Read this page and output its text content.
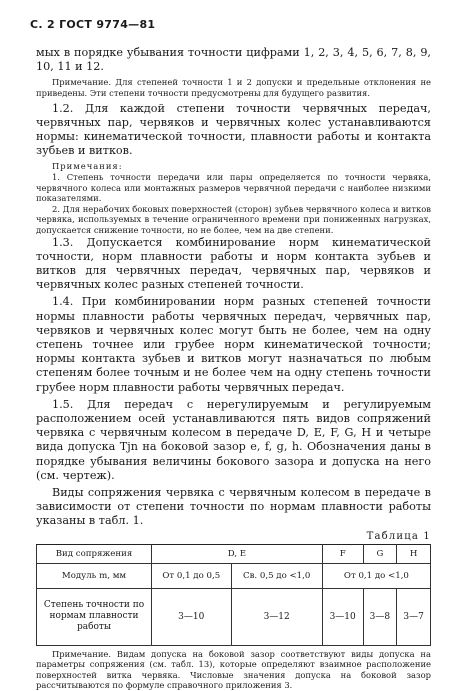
С. 2 ГОСТ 9774—81

мых в порядке убывания точности цифрами 1, 2, 3, 4, 5, 6, 7, 8, 9, 10, 11 и 12.

Примечание. Для степеней точности 1 и 2 допуски и предельные отклонения не приведены. Эти степени точности предусмотрены для будущего развития.

1.2. Для каждой степени точности червячных передач, червячных пар, червяков и червячных колес устанавливаются нормы: кинематической точности, плавности работы и контакта зубьев и витков.

Примечания:

1. Степень точности передачи или пары определяется по точности червяка, червячного колеса или монтажных размеров червячной передачи с наиболее низкими показателями.

2. Для нерабочих боковых поверхностей (сторон) зубьев червячного колеса и витков червяка, используемых в течение ограниченного времени при пониженных нагрузках, допускается снижение точности, но не более, чем на две степени.

1.3. Допускается комбинирование норм кинематической точности, норм плавности работы и норм контакта зубьев и витков для червячных передач, червячных пар, червяков и червячных колес разных степеней точности.

1.4. При комбинировании норм разных степеней точности нормы плавности работы червячных передач, червячных пар, червяков и червячных колес могут быть не более, чем на одну степень точнее или грубее норм кинематической точности; нормы контакта зубьев и витков могут назначаться по любым степеням более точным и не более чем на одну степень точности грубее норм плавности работы червячных передач.

1.5. Для передач с нерегулируемым и регулируемым расположением осей устанавливаются пять видов сопряжений червяка с червячным колесом в передаче D, E, F, G, H и четыре вида допуска Tjn на боковой зазор e, f, g, h. Обозначения даны в порядке убывания величины бокового зазора и допуска на него (см. чертеж).

Виды сопряжения червяка с червячным колесом в передаче в зависимости от степени точности по нормам плавности работы указаны в табл. 1.

Таблица 1
Вид сопряжения	D, E		F	G	H
Модуль m, мм	От 0,1 до 0,5	Св. 0,5 до <1,0	От 0,1 до <1,0		
Степень точности по нормам плавности работы	3—10	3—12	3—10	3—8	3—7

Примечание. Видам допуска на боковой зазор соответствуют виды допуска на параметры сопряжения (см. табл. 13), которые определяют взаимное расположение поверхностей витка червяка. Числовые значения допуска на боковой зазор рассчитываются по формуле справочного приложения 3.
